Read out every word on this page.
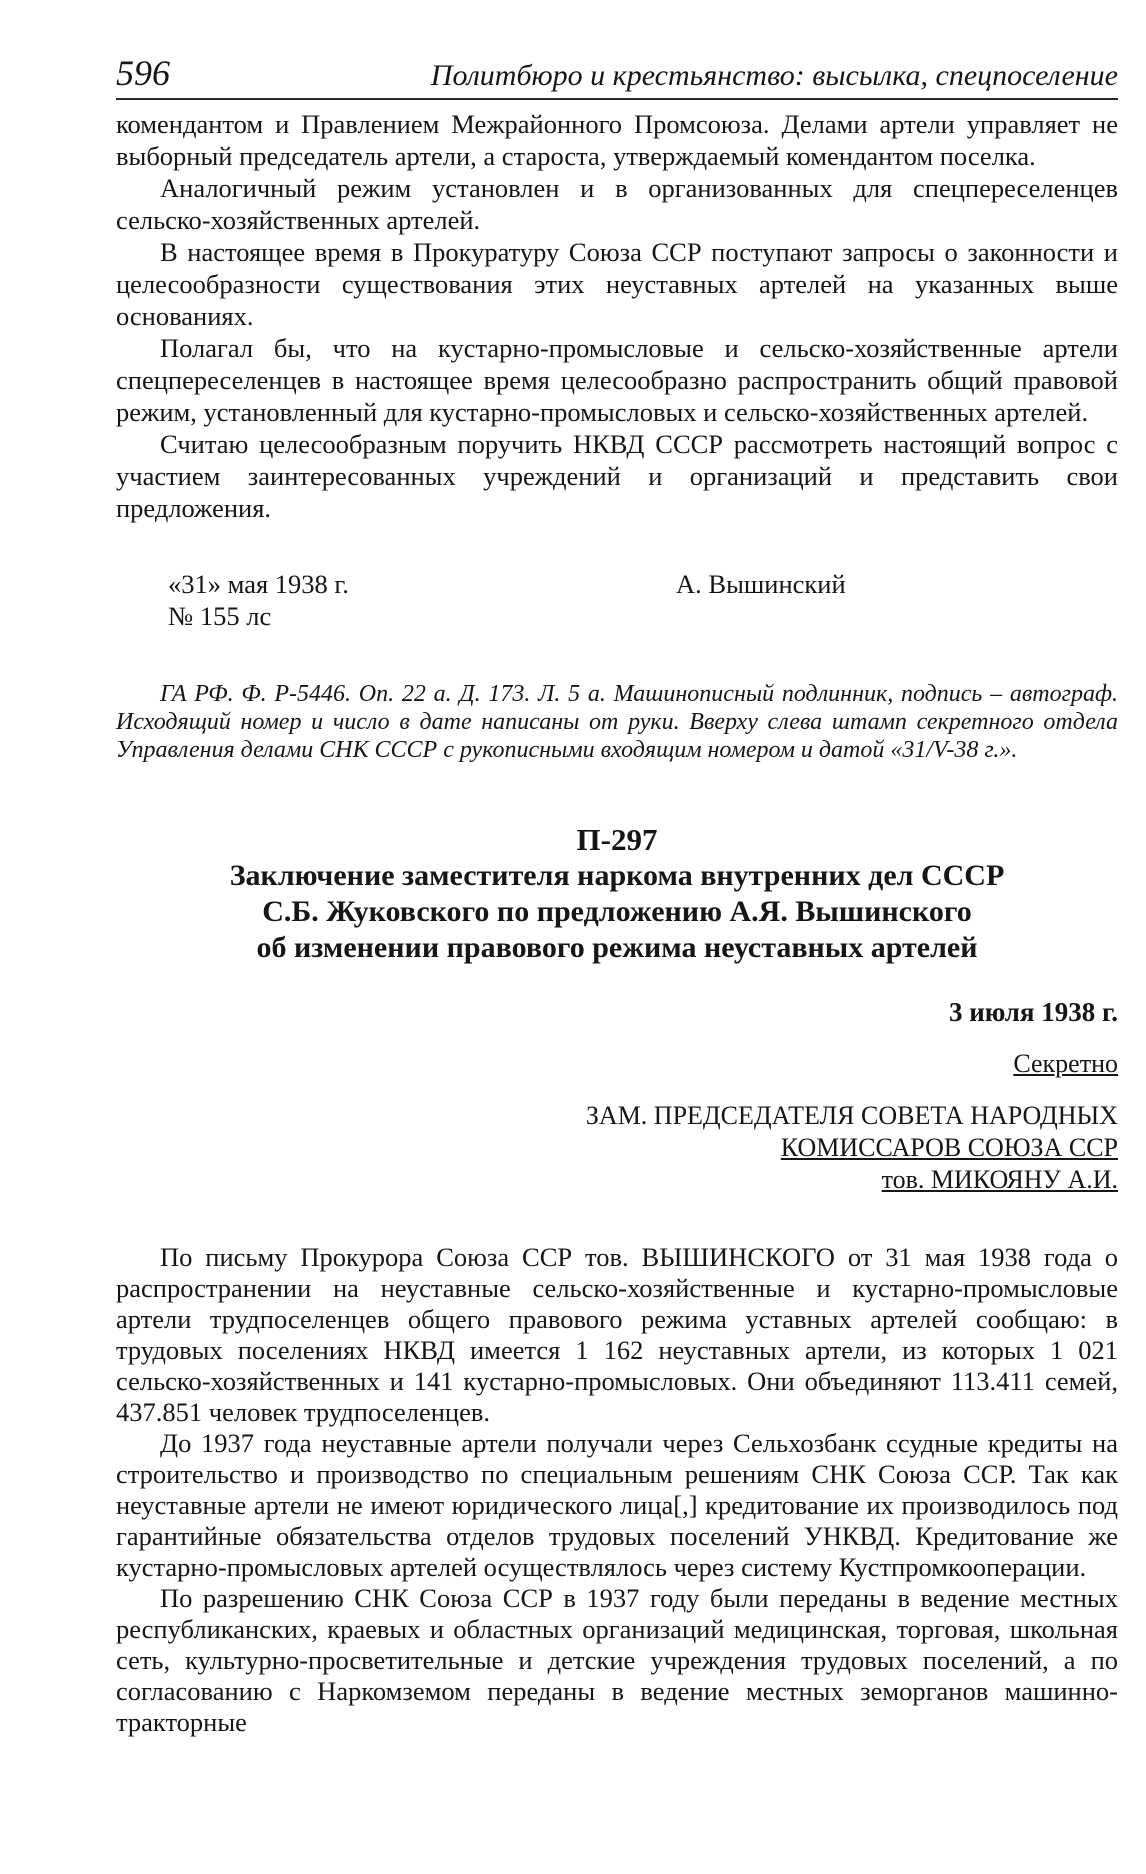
596	Политбюро и крестьянство: высылка, спецпоселение

комендантом и Правлением Межрайонного Промсоюза. Делами артели управляет не выборный председатель артели, а староста, утверждаемый комендантом поселка.

Аналогичный режим установлен и в организованных для спецпереселенцев сельско-хозяйственных артелей.

В настоящее время в Прокуратуру Союза ССР поступают запросы о законности и целесообразности существования этих неуставных артелей на указанных выше основаниях.

Полагал бы, что на кустарно-промысловые и сельско-хозяйственные артели спецпереселенцев в настоящее время целесообразно распространить общий правовой режим, установленный для кустарно-промысловых и сельско-хозяйственных артелей.

Считаю целесообразным поручить НКВД СССР рассмотреть настоящий вопрос с участием заинтересованных учреждений и организаций и представить свои предложения.

«31» мая 1938 г.	А. Вышинский
№ 155 лс
ГА РФ. Ф. Р-5446. Оп. 22 а. Д. 173. Л. 5 а. Машинописный подлинник, подпись – автограф. Исходящий номер и число в дате написаны от руки. Вверху слева штамп секретного отдела Управления делами СНК СССР с рукописными входящим номером и датой «31/V-38 г.».
П-297
Заключение заместителя наркома внутренних дел СССР
С.Б. Жуковского по предложению А.Я. Вышинского
об изменении правового режима неуставных артелей
3 июля 1938 г.
Секретно
ЗАМ. ПРЕДСЕДАТЕЛЯ СОВЕТА НАРОДНЫХ
КОМИССАРОВ СОЮЗА ССР
тов. МИКОЯНУ А.И.

По письму Прокурора Союза ССР тов. ВЫШИНСКОГО от 31 мая 1938 года о распространении на неуставные сельско-хозяйственные и кустарно-промысловые артели трудпоселенцев общего правового режима уставных артелей сообщаю: в трудовых поселениях НКВД имеется 1 162 неуставных артели, из которых 1 021 сельско-хозяйственных и 141 кустарно-промысловых. Они объединяют 113.411 семей, 437.851 человек трудпоселенцев.

До 1937 года неуставные артели получали через Сельхозбанк ссудные кредиты на строительство и производство по специальным решениям СНК Союза ССР. Так как неуставные артели не имеют юридического лица[,] кредитование их производилось под гарантийные обязательства отделов трудовых поселений УНКВД. Кредитование же кустарно-промысловых артелей осуществлялось через систему Кустпромкооперации.

По разрешению СНК Союза ССР в 1937 году были переданы в ведение местных республиканских, краевых и областных организаций медицинская, торговая, школьная сеть, культурно-просветительные и детские учреждения трудовых поселений, а по согласованию с Наркомземом переданы в ведение местных земорганов машинно-тракторные
